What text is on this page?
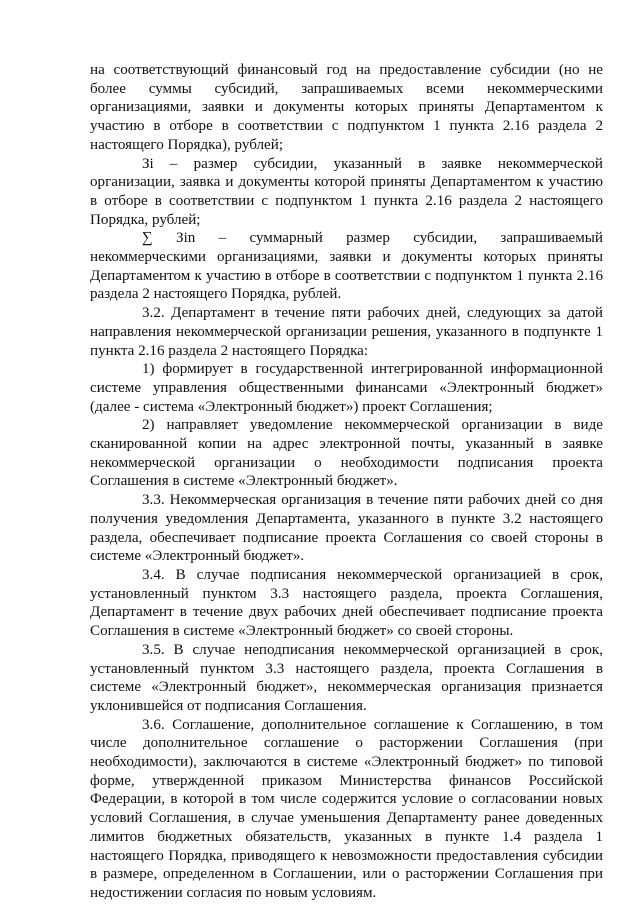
на соответствующий финансовый год на предоставление субсидии (но не более суммы субсидий, запрашиваемых всеми некоммерческими организациями, заявки и документы которых приняты Департаментом к участию в отборе в соответствии с подпунктом 1 пункта 2.16 раздела 2 настоящего Порядка), рублей;

Зi – размер субсидии, указанный в заявке некоммерческой организации, заявка и документы которой приняты Департаментом к участию в отборе в соответствии с подпунктом 1 пункта 2.16 раздела 2 настоящего Порядка, рублей;

∑ Зin – суммарный размер субсидии, запрашиваемый некоммерческими организациями, заявки и документы которых приняты Департаментом к участию в отборе в соответствии с подпунктом 1 пункта 2.16 раздела 2 настоящего Порядка, рублей.

3.2. Департамент в течение пяти рабочих дней, следующих за датой направления некоммерческой организации решения, указанного в подпункте 1 пункта 2.16 раздела 2 настоящего Порядка:

1) формирует в государственной интегрированной информационной системе управления общественными финансами «Электронный бюджет» (далее - система «Электронный бюджет») проект Соглашения;

2) направляет уведомление некоммерческой организации в виде сканированной копии на адрес электронной почты, указанный в заявке некоммерческой организации о необходимости подписания проекта Соглашения в системе «Электронный бюджет».

3.3. Некоммерческая организация в течение пяти рабочих дней со дня получения уведомления Департамента, указанного в пункте 3.2 настоящего раздела, обеспечивает подписание проекта Соглашения со своей стороны в системе «Электронный бюджет».

3.4. В случае подписания некоммерческой организацией в срок, установленный пунктом 3.3 настоящего раздела, проекта Соглашения, Департамент в течение двух рабочих дней обеспечивает подписание проекта Соглашения в системе «Электронный бюджет» со своей стороны.

3.5. В случае неподписания некоммерческой организацией в срок, установленный пунктом 3.3 настоящего раздела, проекта Соглашения в системе «Электронный бюджет», некоммерческая организация признается уклонившейся от подписания Соглашения.

3.6. Соглашение, дополнительное соглашение к Соглашению, в том числе дополнительное соглашение о расторжении Соглашения (при необходимости), заключаются в системе «Электронный бюджет» по типовой форме, утвержденной приказом Министерства финансов Российской Федерации, в которой в том числе содержится условие о согласовании новых условий Соглашения, в случае уменьшения Департаменту ранее доведенных лимитов бюджетных обязательств, указанных в пункте 1.4 раздела 1 настоящего Порядка, приводящего к невозможности предоставления субсидии в размере, определенном в Соглашении, или о расторжении Соглашения при недостижении согласия по новым условиям.
